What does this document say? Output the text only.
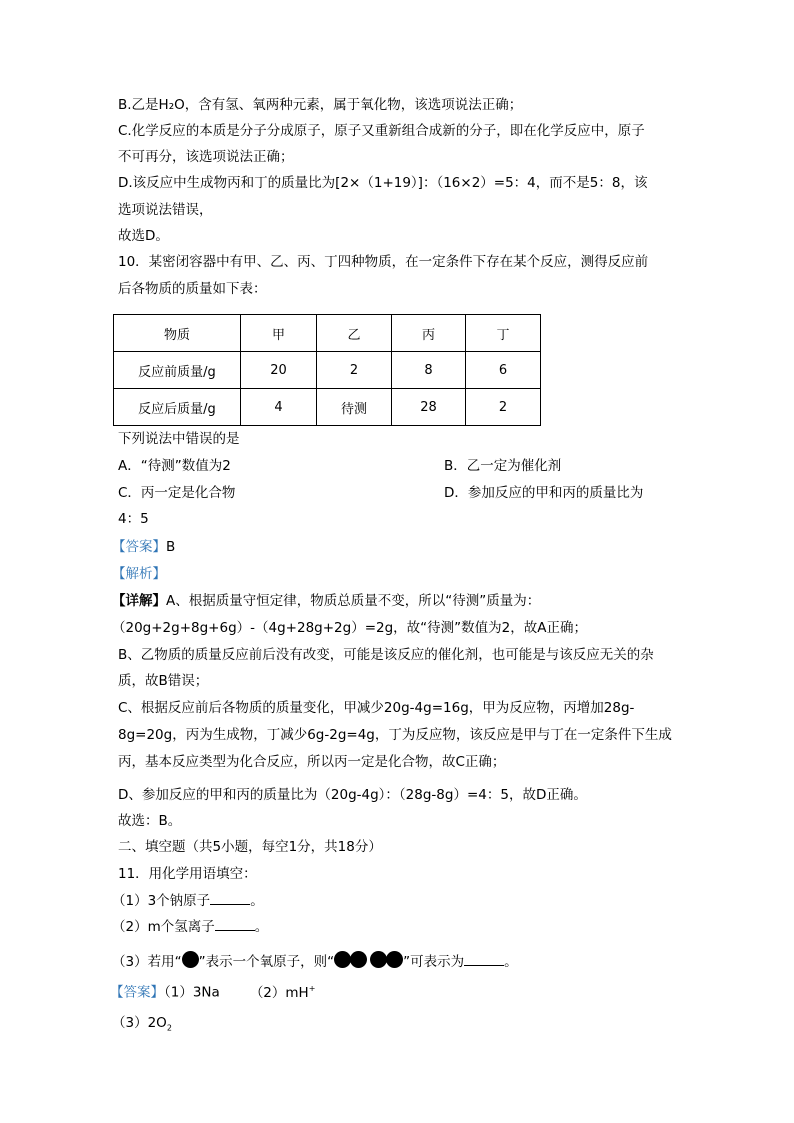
B.乙是H₂O，含有氢、氧两种元素，属于氧化物，该选项说法正确；
C.化学反应的本质是分子分成原子，原子又重新组合成新的分子，即在化学反应中，原子
不可再分，该选项说法正确；
D.该反应中生成物丙和丁的质量比为[2×（1+19）]：（16×2）=5：4，而不是5：8，该
选项说法错误，
故选D。
10．某密闭容器中有甲、乙、丙、丁四种物质，在一定条件下存在某个反应，测得反应前
后各物质的质量如下表：
物质	甲	乙	丙	丁
反应前质量/g	20	2	8	6
反应后质量/g	4	待测	28	2
下列说法中错误的是
A．“待测”数值为2	B．乙一定为催化剂
C．丙一定是化合物	D．参加反应的甲和丙的质量比为
4：5
【答案】B
【解析】
【详解】A、根据质量守恒定律，物质总质量不变，所以“待测”质量为：
（20g+2g+8g+6g）-（4g+28g+2g）=2g，故“待测”数值为2，故A正确；
B、乙物质的质量反应前后没有改变，可能是该反应的催化剂，也可能是与该反应无关的杂
质，故B错误；
C、根据反应前后各物质的质量变化，甲减少20g-4g=16g，甲为反应物，丙增加28g-
8g=20g，丙为生成物，丁减少6g-2g=4g，丁为反应物，该反应是甲与丁在一定条件下生成
丙，基本反应类型为化合反应，所以丙一定是化合物，故C正确；
D、参加反应的甲和丙的质量比为（20g-4g）：（28g-8g）=4：5，故D正确。
故选：B。
二、填空题（共5小题，每空1分，共18分）
11．用化学用语填空：
（1）3个钠原子	。
（2）m个氢离子	。
（3）若用“ ”表示一个氧原子，则“	”可表示为	。
【答案】（1）3Na （2）mH+
$(3)2O_2$
